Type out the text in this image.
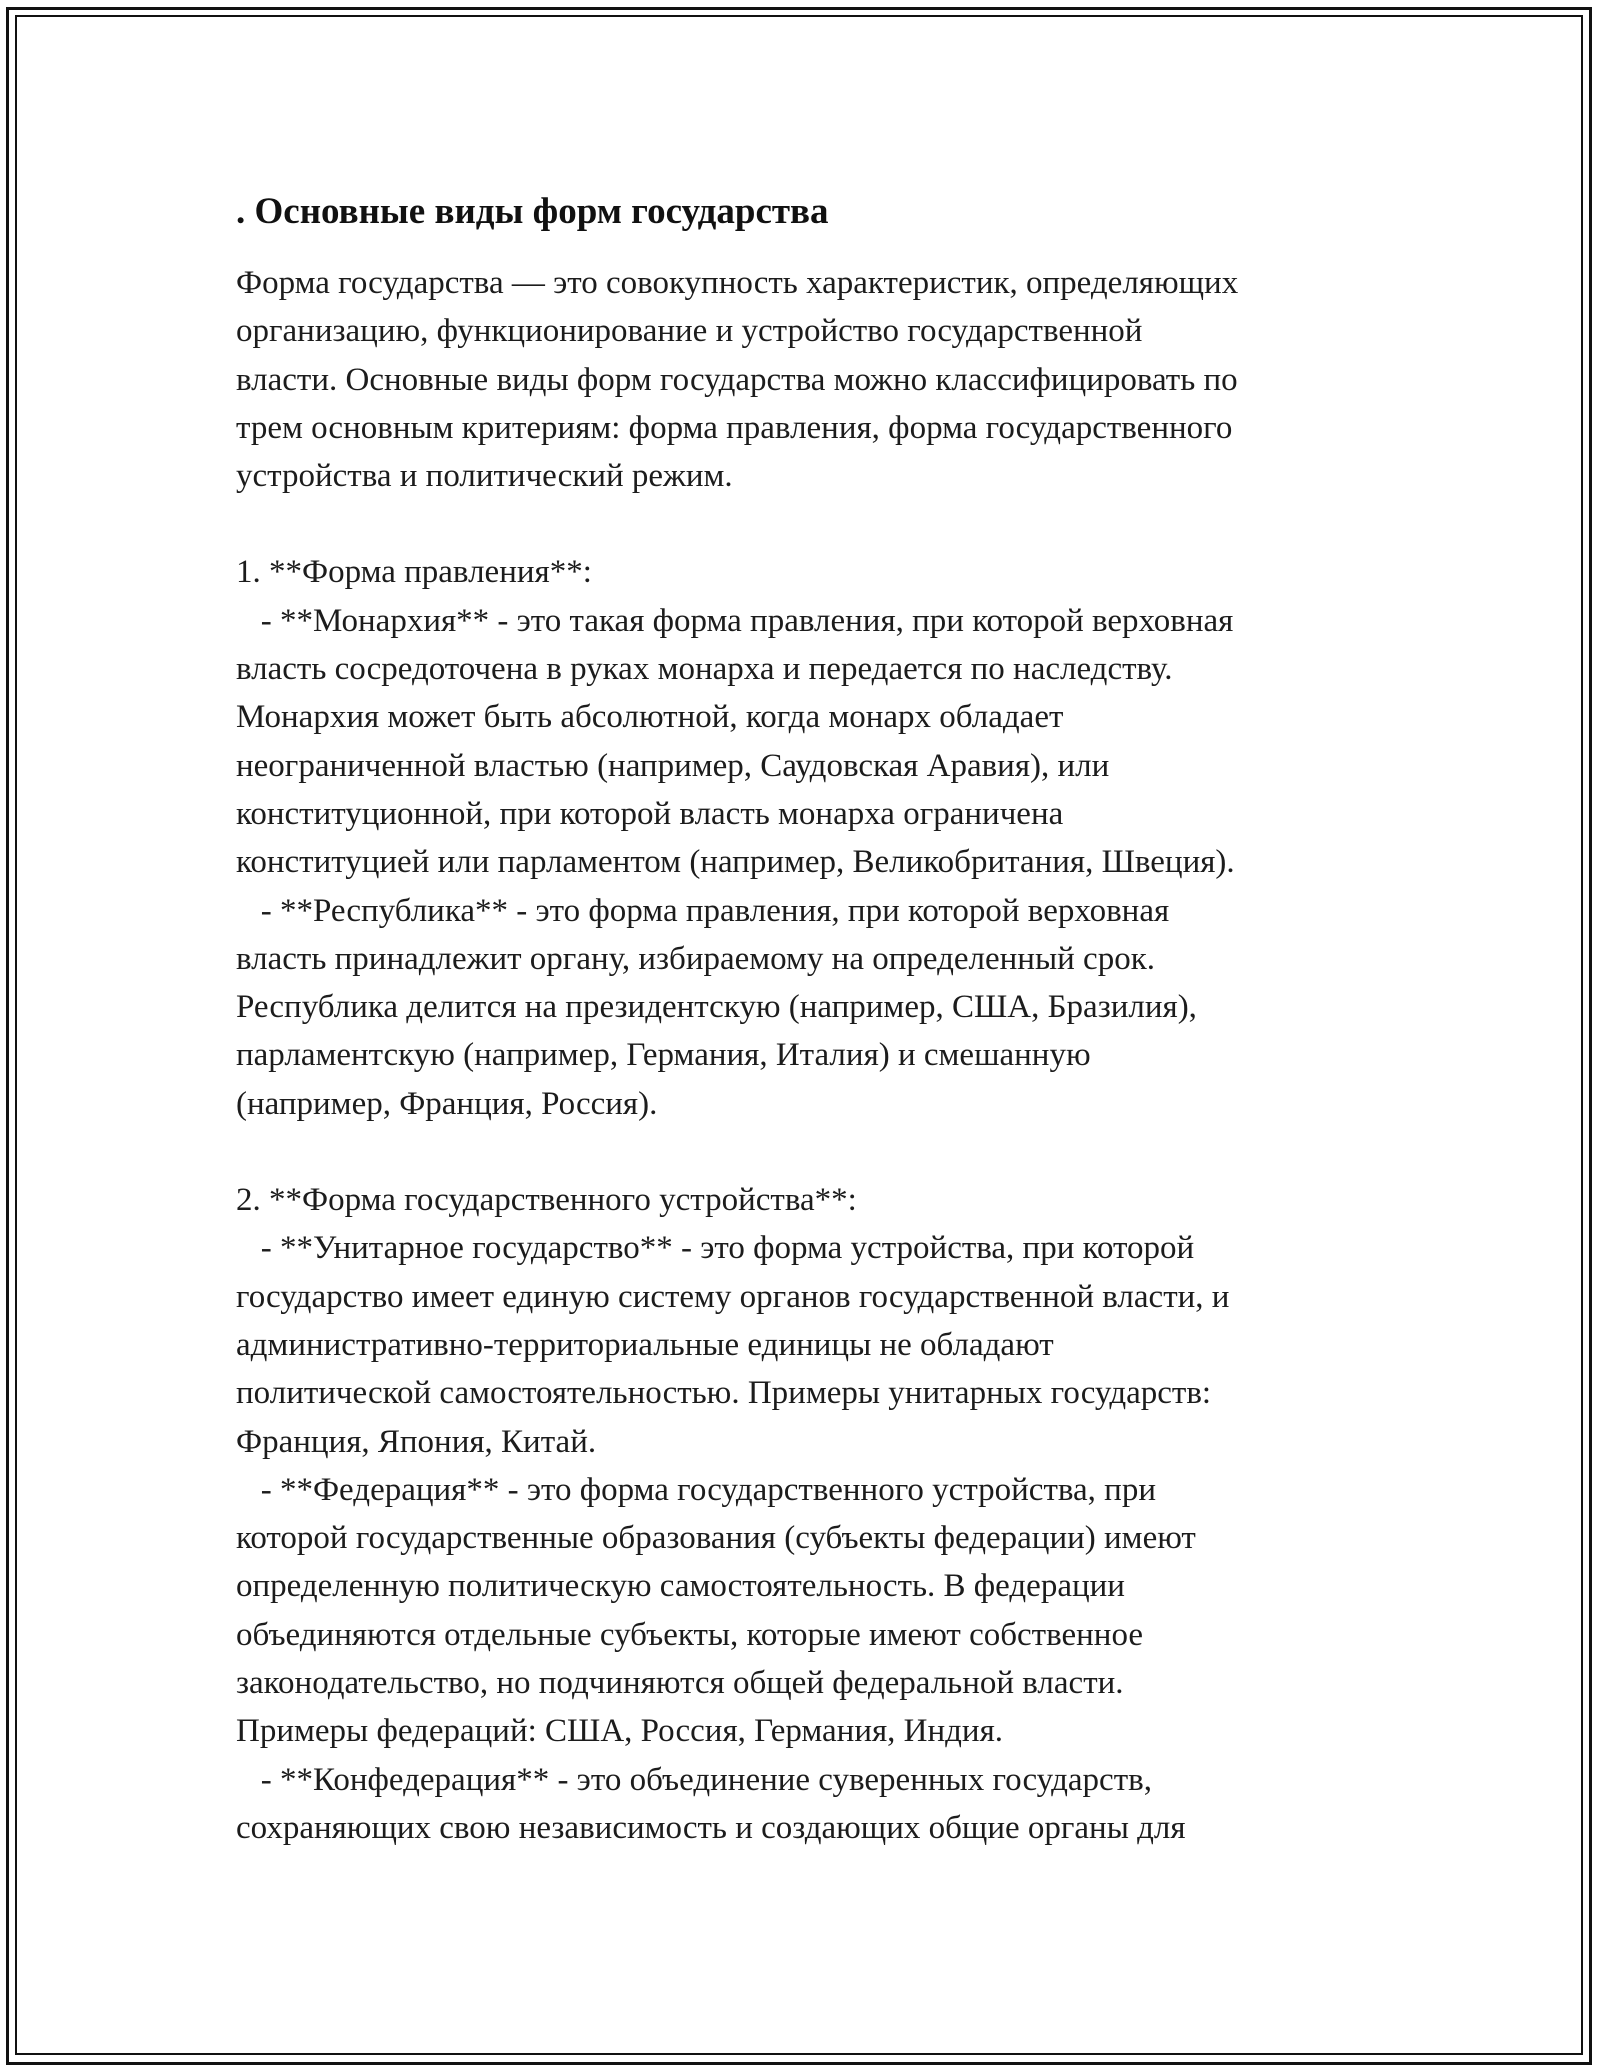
. Основные виды форм государства

Форма государства — это совокупность характеристик, определяющих
организацию, функционирование и устройство государственной
власти. Основные виды форм государства можно классифицировать по
трем основным критериям: форма правления, форма государственного
устройства и политический режим.

1. **Форма правления**:

- **Монархия** - это такая форма правления, при которой верховная
власть сосредоточена в руках монарха и передается по наследству.
Монархия может быть абсолютной, когда монарх обладает
неограниченной властью (например, Саудовская Аравия), или
конституционной, при которой власть монарха ограничена
конституцией или парламентом (например, Великобритания, Швеция).

- **Республика** - это форма правления, при которой верховная
власть принадлежит органу, избираемому на определенный срок.
Республика делится на президентскую (например, США, Бразилия),
парламентскую (например, Германия, Италия) и смешанную
(например, Франция, Россия).

2. **Форма государственного устройства**:

- **Унитарное государство** - это форма устройства, при которой
государство имеет единую систему органов государственной власти, и
административно-территориальные единицы не обладают
политической самостоятельностью. Примеры унитарных государств:
Франция, Япония, Китай.

- **Федерация** - это форма государственного устройства, при
которой государственные образования (субъекты федерации) имеют
определенную политическую самостоятельность. В федерации
объединяются отдельные субъекты, которые имеют собственное
законодательство, но подчиняются общей федеральной власти.
Примеры федераций: США, Россия, Германия, Индия.

- **Конфедерация** - это объединение суверенных государств,
сохраняющих свою независимость и создающих общие органы для
